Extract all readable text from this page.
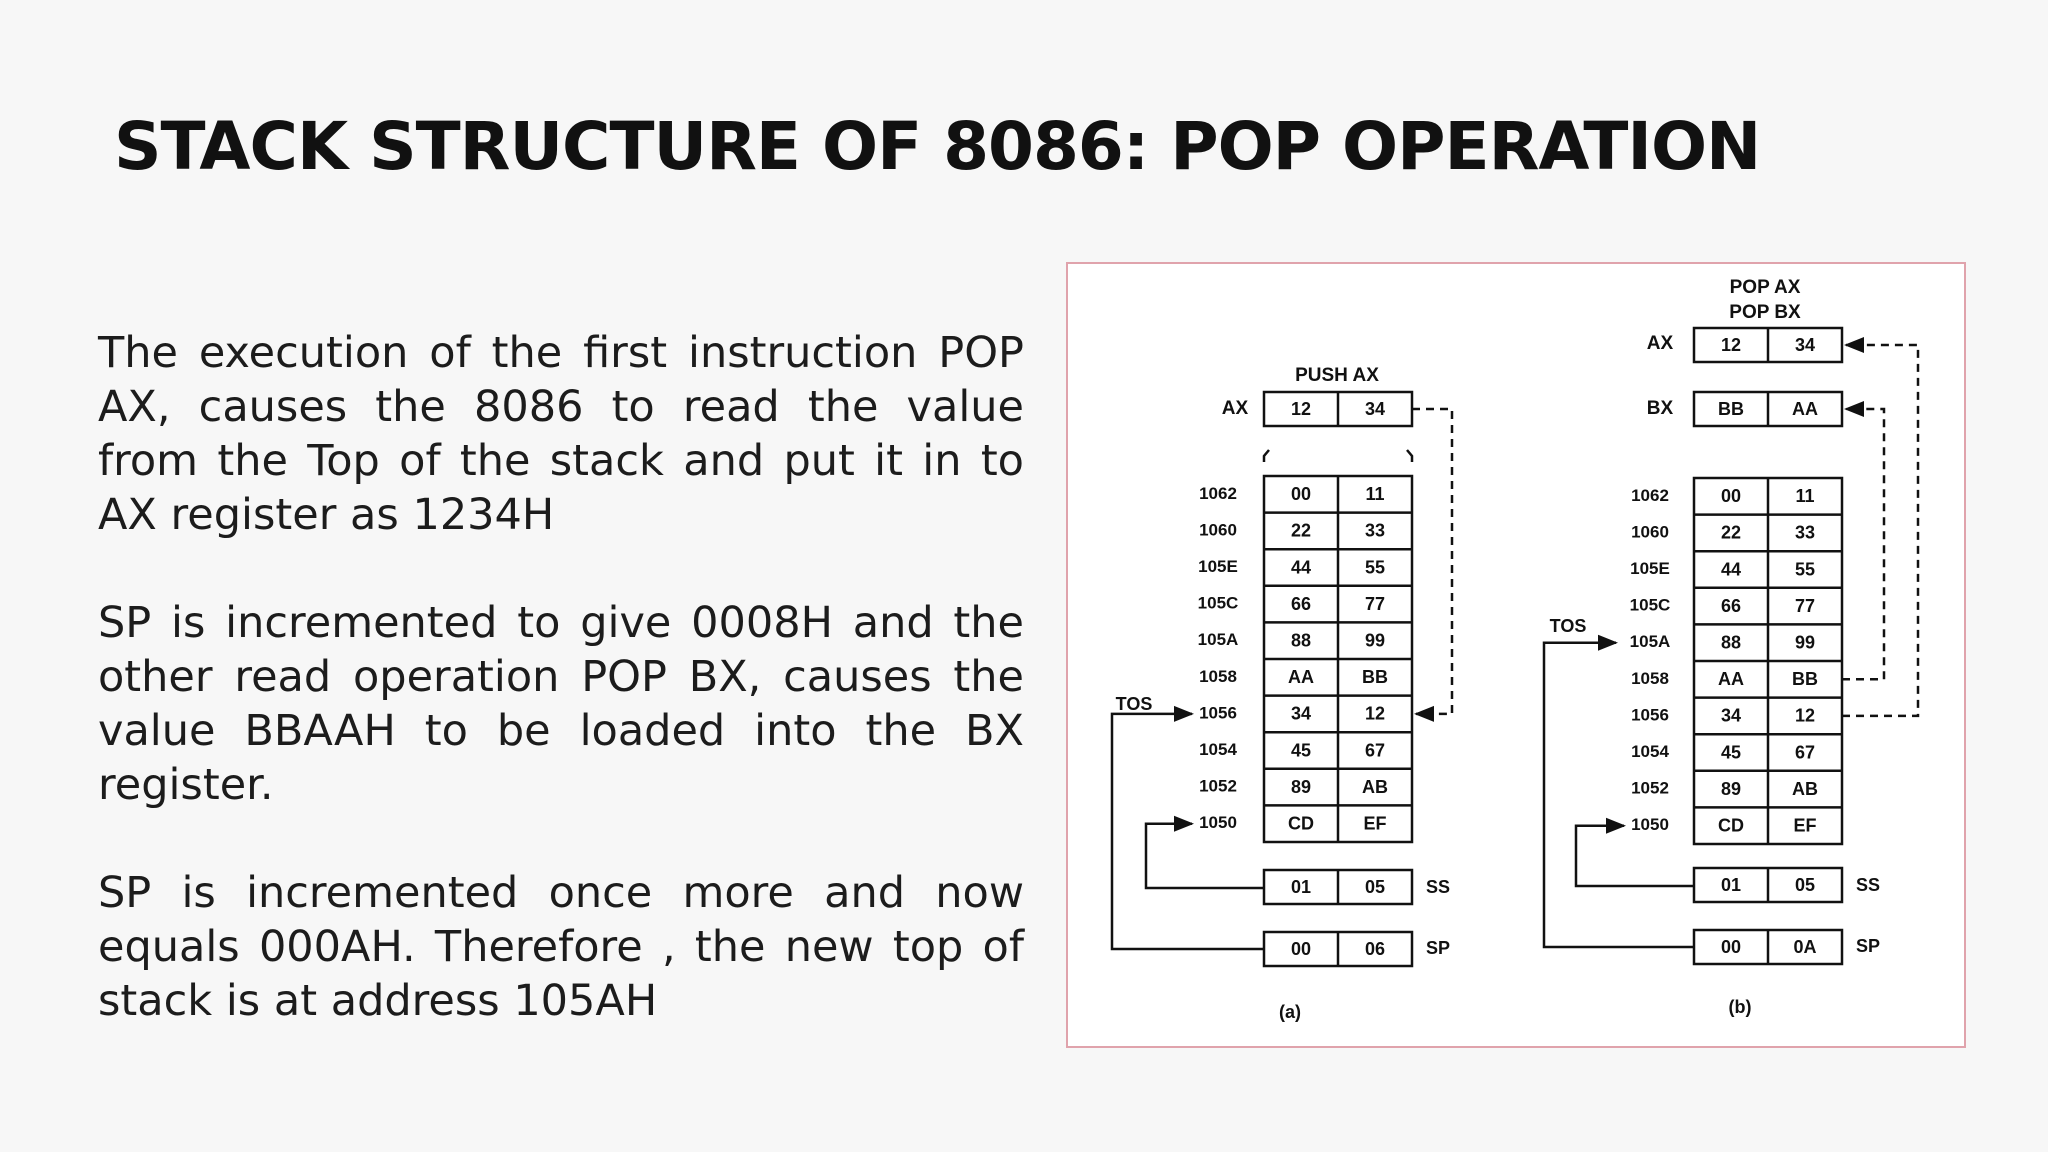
STACK STRUCTURE OF 8086: POP OPERATION

The execution of the first instruction POP AX, causes the 8086 to read the value from the Top of the stack and put it in to AX register as 1234H

SP is incremented to give 0008H and the other read operation POP BX, causes the value BBAAH to be loaded into the BX register.

SP is incremented once more and now equals 000AH. Therefore , the new top of stack is at address 105AH

PUSH AX
AX 12	34
1062	00	11
1060	22	33
105E	44	55
105C	66	77
105A	88	99
1058	AA	BB
1056	34	12
1054	45	67
1052	89	AB
1050	CD	EF
01	05 SS
00	06 SP
TOS
(a)
POP AX
POP BX
AX	12	34
BX BB	AA
1062	00	11
1060	22	33
105E	44	55
105C	66	77
105A	88	99
1058	AA	BB
1056	34	12
1054	45	67
1052	89	AB
1050	CD	EF
01	05 SS
00	0A SP
TOS
(b)
